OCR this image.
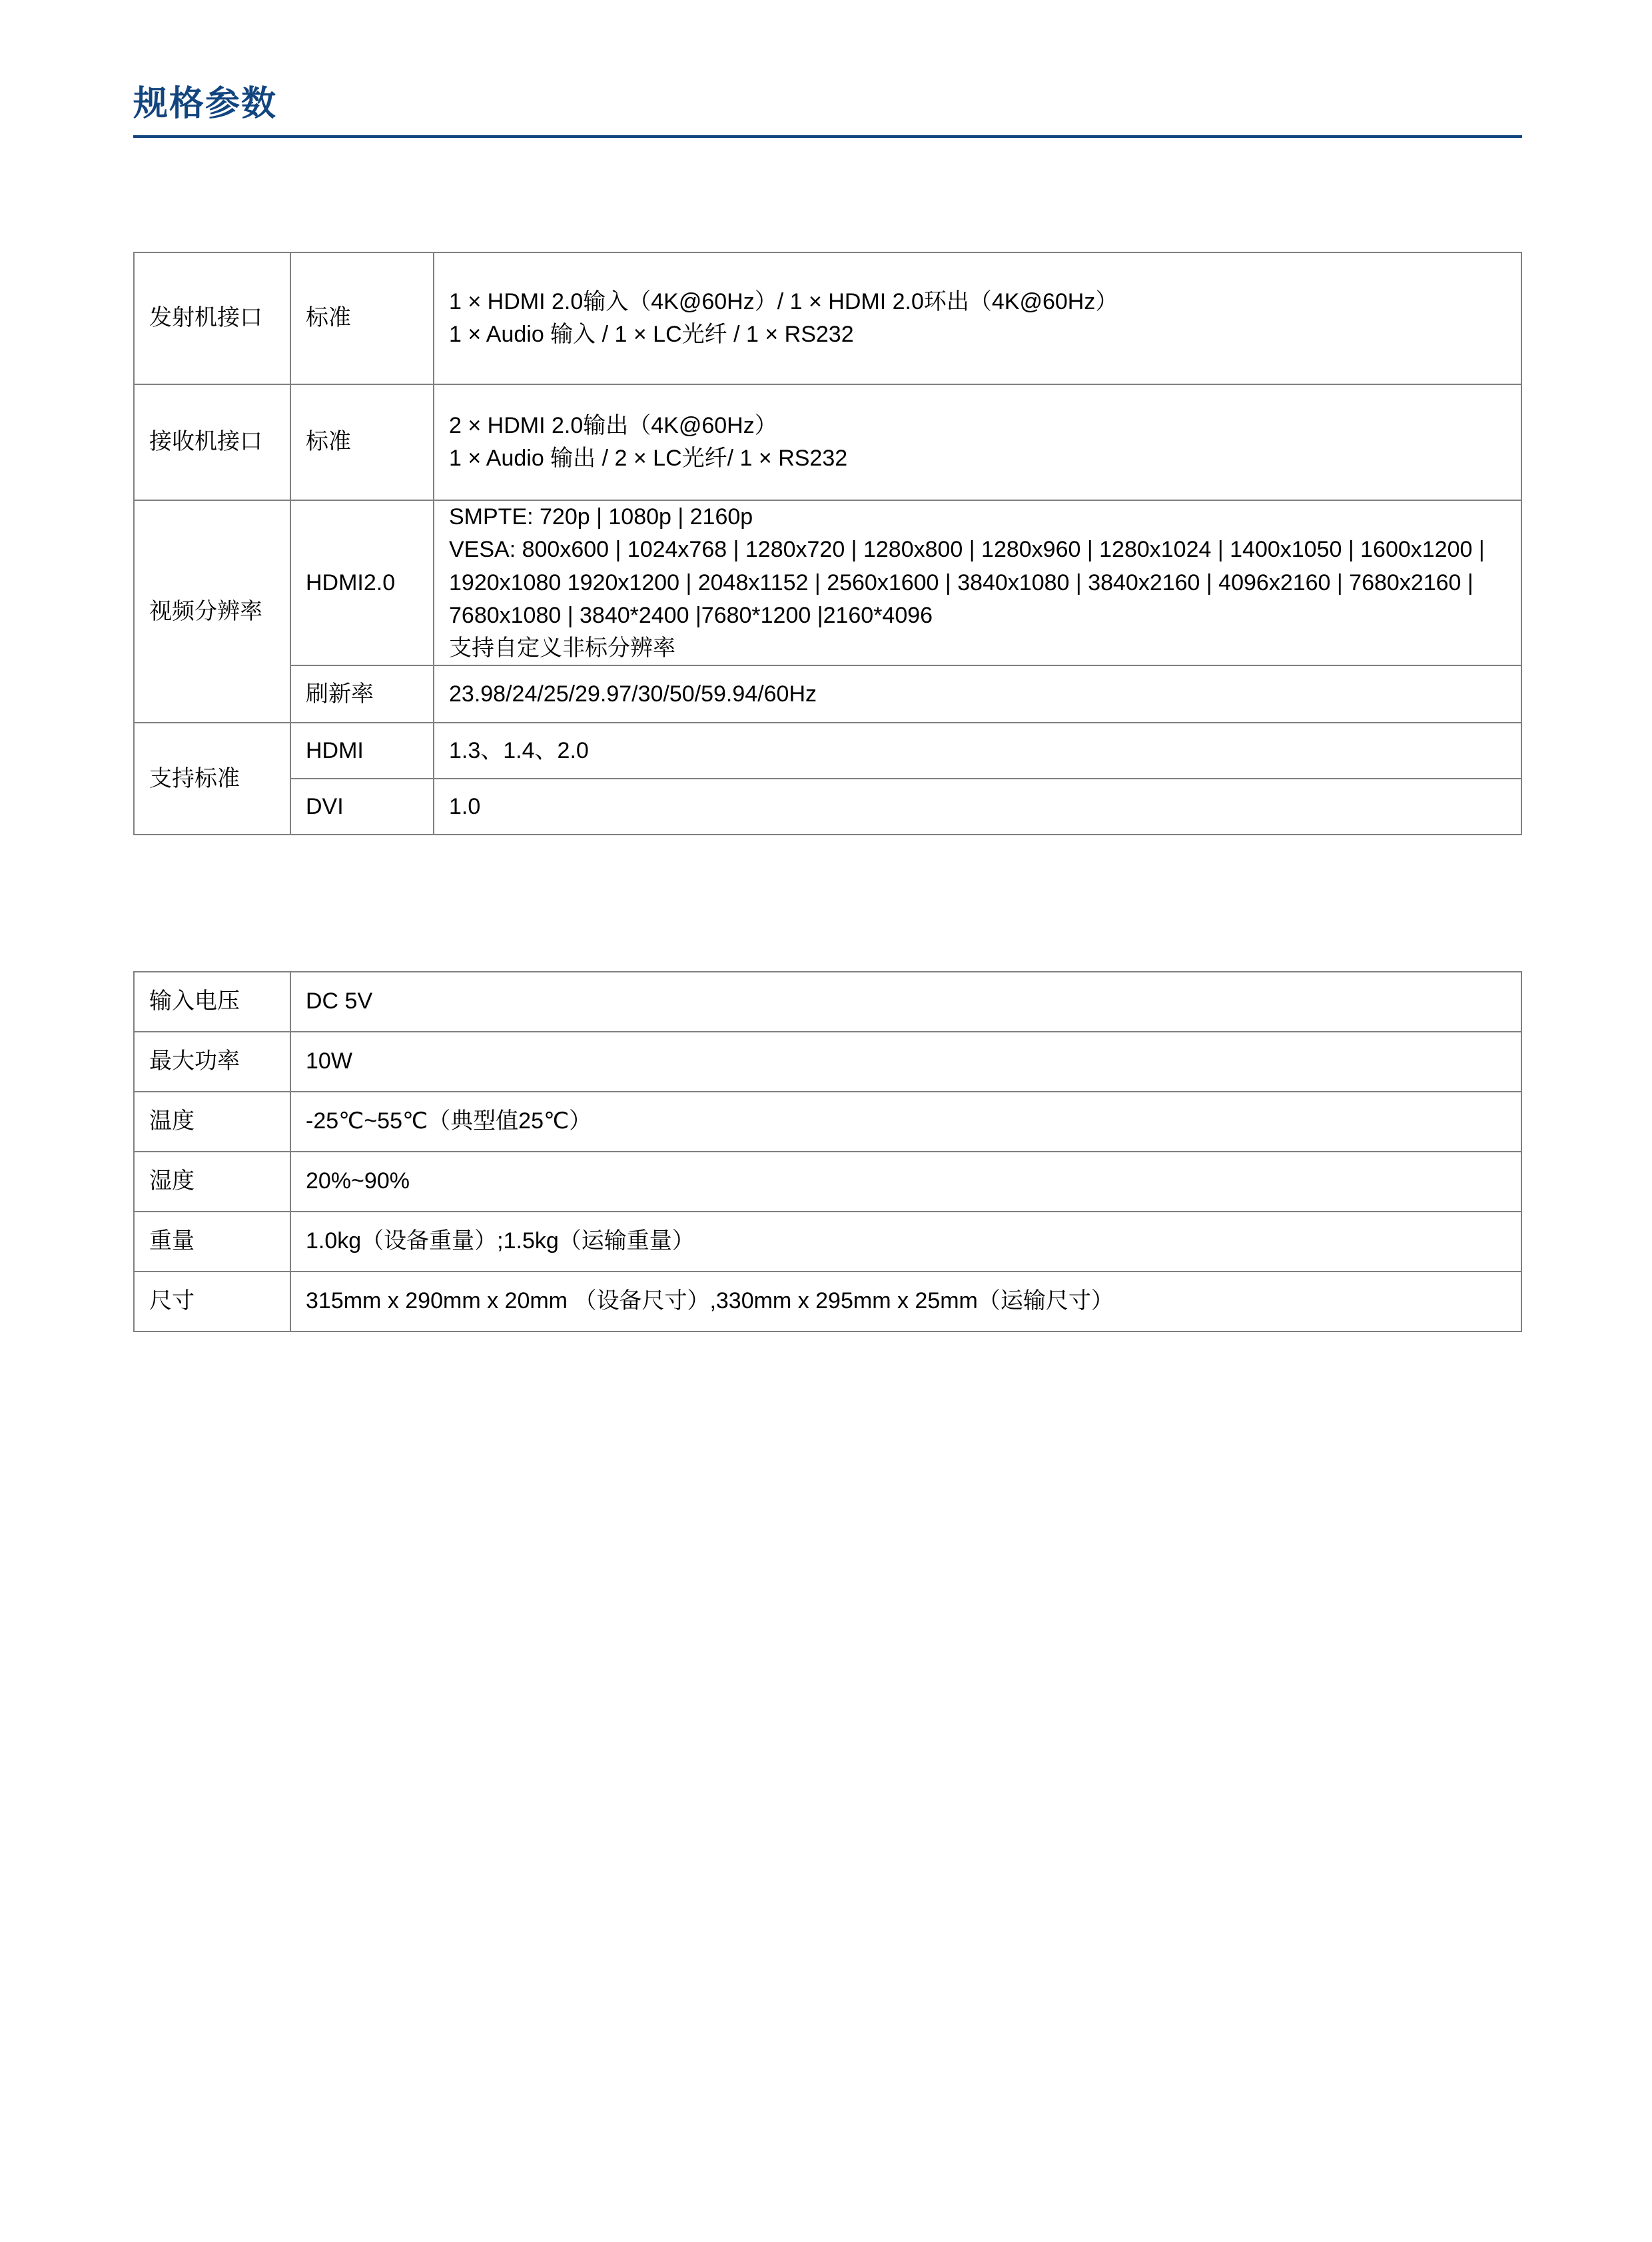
规格参数
发射机接口	标准	1 × HDMI 2.0输入（4K@60Hz）/ 1 × HDMI 2.0环出（4K@60Hz）
1 × Audio 输入 / 1 × LC光纤 / 1 × RS232

接收机接口	标准	2 × HDMI 2.0输出（4K@60Hz）
1 × Audio 输出 / 2 × LC光纤/ 1 × RS232

视频分辨率	HDMI2.0	SMPTE: 720p | 1080p | 2160p
VESA: 800x600 | 1024x768 | 1280x720 | 1280x800 | 1280x960 | 1280x1024 | 1400x1050 | 1600x1200 |
1920x1080 1920x1200 | 2048x1152 | 2560x1600 | 3840x1080 | 3840x2160 | 4096x2160 | 7680x2160 |
7680x1080 | 3840*2400 |7680*1200 |2160*4096
支持自定义非标分辨率

	刷新率	23.98/24/25/29.97/30/50/59.94/60Hz
支持标准	HDMI	1.3、1.4、2.0
	DVI	1.0
输入电压	DC 5V
最大功率	10W
温度	-25℃~55℃（典型值25℃）
湿度	20%~90%
重量	1.0kg（设备重量）;1.5kg（运输重量）
尺寸	315mm x 290mm x 20mm （设备尺寸）,330mm x 295mm x 25mm（运输尺寸）
